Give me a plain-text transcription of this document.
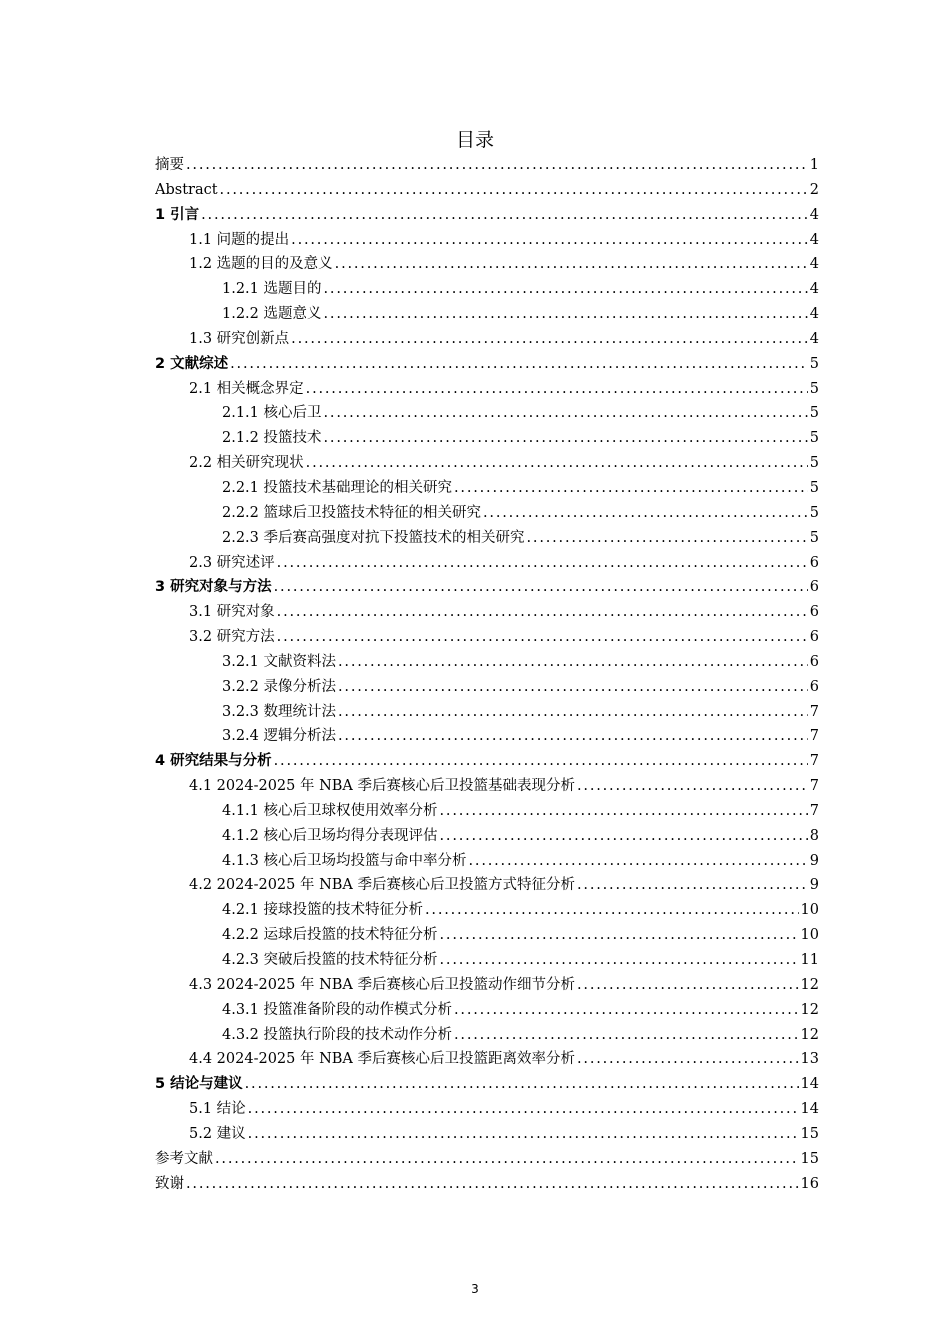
目录
摘要 .....	1
Abstract .....	2
1 引言 .....	4
1.1 问题的提出 .....	4
1.2 选题的目的及意义 .....	4
1.2.1 选题目的 .....	4
1.2.2 选题意义 .....	4
1.3 研究创新点 .....	4
2 文献综述 .....	5
2.1 相关概念界定 .....	5
2.1.1 核心后卫 .....	5
2.1.2 投篮技术 .....	5
2.2 相关研究现状 .....	5
2.2.1 投篮技术基础理论的相关研究 .....	5
2.2.2 篮球后卫投篮技术特征的相关研究 .....	5
2.2.3 季后赛高强度对抗下投篮技术的相关研究 .....	5
2.3 研究述评 .....	6
3 研究对象与方法 .....	6
3.1 研究对象 .....	6
3.2 研究方法 .....	6
3.2.1 文献资料法 .....	6
3.2.2 录像分析法 .....	6
3.2.3 数理统计法 .....	7
3.2.4 逻辑分析法 .....	7
4 研究结果与分析 .....	7
4.1 2024-2025 年 NBA 季后赛核心后卫投篮基础表现分析 .....	7
4.1.1 核心后卫球权使用效率分析 .....	7
4.1.2 核心后卫场均得分表现评估 .....	8
4.1.3 核心后卫场均投篮与命中率分析 .....	9
4.2 2024-2025 年 NBA 季后赛核心后卫投篮方式特征分析 .....	9
4.2.1 接球投篮的技术特征分析 .....	10
4.2.2 运球后投篮的技术特征分析 .....	10
4.2.3 突破后投篮的技术特征分析 .....	11
4.3 2024-2025 年 NBA 季后赛核心后卫投篮动作细节分析 .....	12
4.3.1 投篮准备阶段的动作模式分析 .....	12
4.3.2 投篮执行阶段的技术动作分析 .....	12
4.4 2024-2025 年 NBA 季后赛核心后卫投篮距离效率分析 .....	13
5 结论与建议 .....	14
5.1 结论 .....	14
5.2 建议 .....	15
参考文献 .....	15
致谢 .....	16
3
